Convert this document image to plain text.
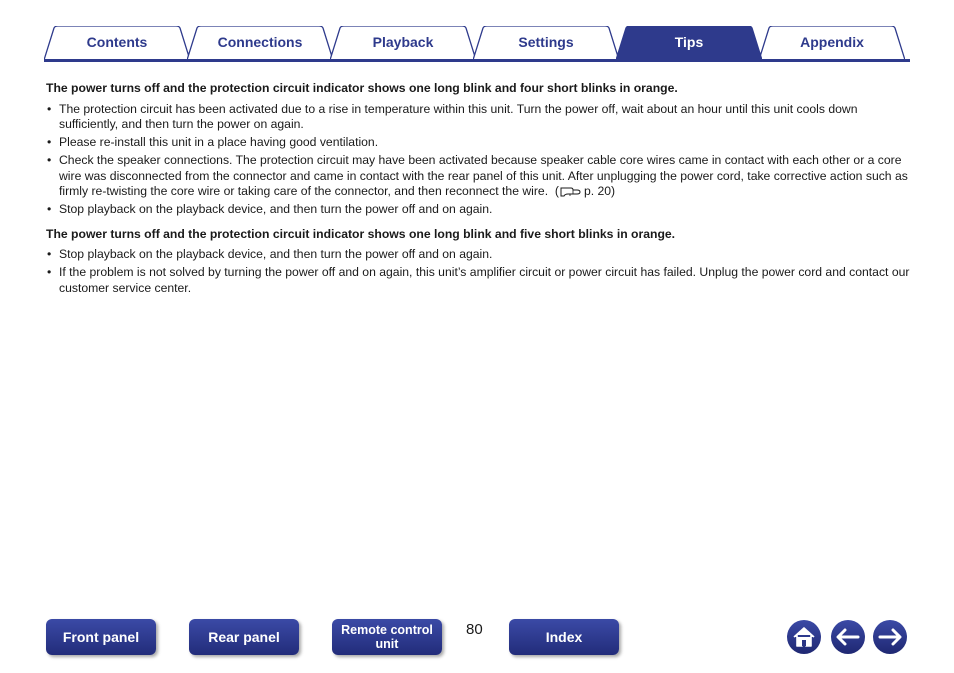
Contents	Connections	Playback	Settings	Appendix
Tips
The power turns off and the protection circuit indicator shows one long blink and four short blinks in orange.
• The protection circuit has been activated due to a rise in temperature within this unit. Turn the power off, wait about an hour until this unit cools down sufficiently, and then turn the power on again.
• Please re-install this unit in a place having good ventilation.
• Check the speaker connections. The protection circuit may have been activated because speaker cable core wires came in contact with each other or a core wire was disconnected from the connector and came in contact with the rear panel of this unit. After unplugging the power cord, take corrective action such as firmly re-twisting the core wire or taking care of the connector, and then reconnect the wire. ( p. 20)
• Stop playback on the playback device, and then turn the power off and on again.
The power turns off and the protection circuit indicator shows one long blink and five short blinks in orange.
• Stop playback on the playback device, and then turn the power off and on again.
• If the problem is not solved by turning the power off and on again, this unit’s amplifier circuit or power circuit has failed. Unplug the power cord and contact our customer service center.
Front panel	Rear panel	Remote control
unit
80	Index
